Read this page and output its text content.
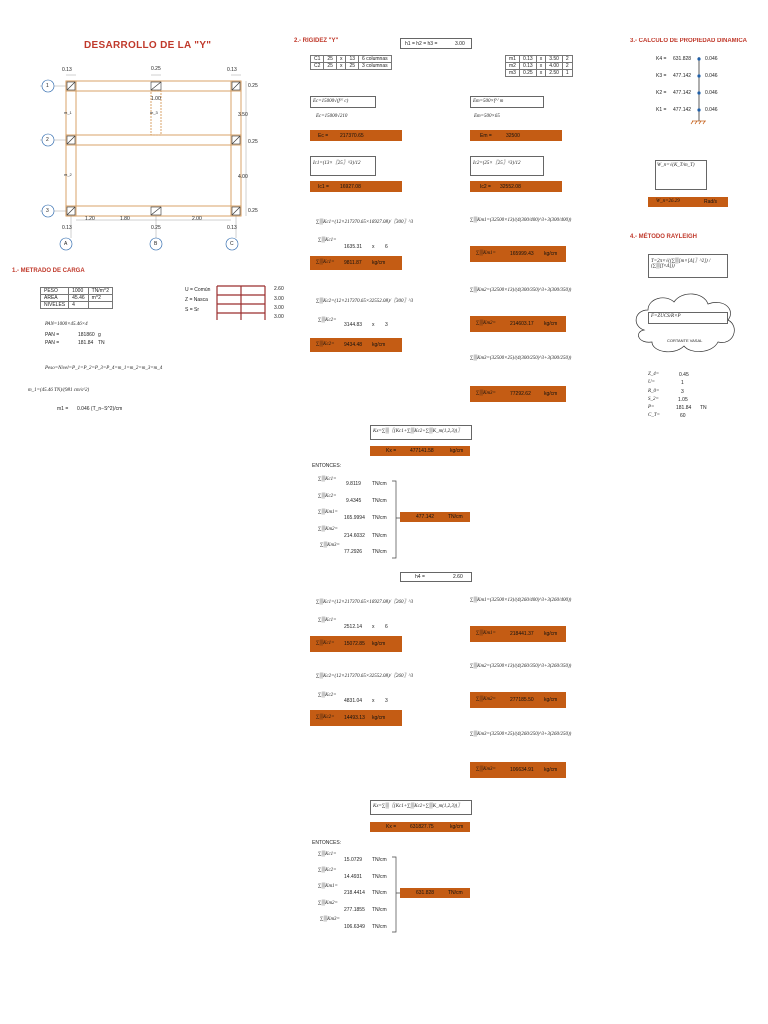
DESARROLLO DE LA "Y"
0.13	0.25	0.13
1.00
0.25
3.50
0.25
4.00
0.25
1.20	1.80	2.00
0.13	0.25	0.13
1
2
3
A	B	C
m_1
m_2
m_3
1.- METRADO DE CARGA
PESO	1000	TN/m^2
AREA	45.46	m^2
NIVELES	4	
U = Común
Z = Nasca
S = Sr
2.60
3.00
3.00
3.00
PAN=1000×45.46×4
PAN =	181860 g
PAN =	181.84 TN
Peso=Nivel=P_1=P_2=P_3=P_4=m_1=m_2=m_3=m_4
m_1=(45.46 TN)/(981 cm/s^2)
m1 = 0.046 (T_n−S^2)/cm
2.- RIGIDEZ "Y"	h1 = h2 = h3 =	3.00
C1	25	x	13	6 columnas
C2	25	x	25	3 columnas
m1	0.13	x	3.50	2
m2	0.13	x	4.00	2
m3	0.25	x	2.50	1
Ec=15000√(f^' c)
Ec=15000√210
Ec = 217370.65
Em=500×f^' m
Em=500×65
Em =	32500
Ic1=(13×〖25〗^3)/12
Ic1 = 16927.08
Ic2=(25×〖25〗^3)/12
Ic2 = 32552.08
∑▒Kc1=(12×217370.65×16927.08)/〖300〗^3
∑▒Kc1=
1635.31 x 6
∑▒Kc1= 9811.87 kg/cm
∑▒Kc2=(12×217370.65×32552.08)/〖300〗^3
∑▒Kc2=
3144.83 x 3
∑▒Kc2= 9434.48 kg/cm
∑▒Km1=(32500×13)/(4(300/400)^3+3(300/400))
∑▒Km1=	165999.43 kg/cm
∑▒Km2=(32500×13)/(4(300/350)^3+3(300/350))
∑▒Km2=	214603.17 kg/cm
∑▒Km3=(32500×25)/(4(300/250)^3+3(300/250))
∑▒Km3=	77292.62	kg/cm
Kx=∑▒〖(Kc1+∑▒Kc2+∑▒K_m(1,2,3))〗
Kx =	477141.58	kg/cm
ENTONCES:
∑▒Kc1=
9.8119 TN/cm
∑▒Kc2=
9.4345 TN/cm
∑▒Km1=
165.9994 TN/cm
∑▒Km2=
214.6032 TN/cm
∑▒Km3=
77.2926 TN/cm
477.142	TN/cm
h4 =	2.60
∑▒Kc1=(12×217370.65×16927.08)/〖260〗^3
∑▒Kc1=
2512.14 x 6
∑▒Kc1= 15072.85 kg/cm
∑▒Kc2=(12×217370.65×32552.08)/〖260〗^3
∑▒Kc2=
4831.04 x 3
∑▒Kc2= 14493.13 kg/cm
∑▒Km1=(32500×13)/(4(260/400)^3+3(260/400))
∑▒Km1=	218441.37 kg/cm
∑▒Km2=(32500×13)/(4(260/350)^3+3(260/350))
∑▒Km2=	277185.50 kg/cm
∑▒Km3=(32500×25)/(4(260/250)^3+3(260/250))
∑▒Km3=	106634.91 kg/cm
Kx=∑▒〖(Kc1+∑▒Kc2+∑▒K_m(1,2,3))〗
Kx =	631827.75	kg/cm
ENTONCES:
∑▒Kc1=
15.0729 TN/cm
∑▒Kc2=
14.4931 TN/cm
∑▒Km1=
218.4414 TN/cm
∑▒Km2=
277.1855 TN/cm
∑▒Km3=
106.6349 TN/cm
631.828	TN/cm
3.- CÁLCULO DE PROPIEDAD DINÁMICA
K4 = 631.828	0.046
K3 = 477.142	0.046
K2 = 477.142	0.046
K1 = 477.142	0.046
W_n=√(K_T/m_T)
W_n=26.29	Rad/s
4.- MÉTODO RAYLEIGH
T=2π×√((∑▒[m×[Δ]〗^2]) / (∑▒[f×Δ]))
F=ZUCS/R×P
CORTANTE VASAL
Z_4=	0.45
U=	1
R_0=	3
S_2=	1.05
P=	181.84 TN
C_T=	60
